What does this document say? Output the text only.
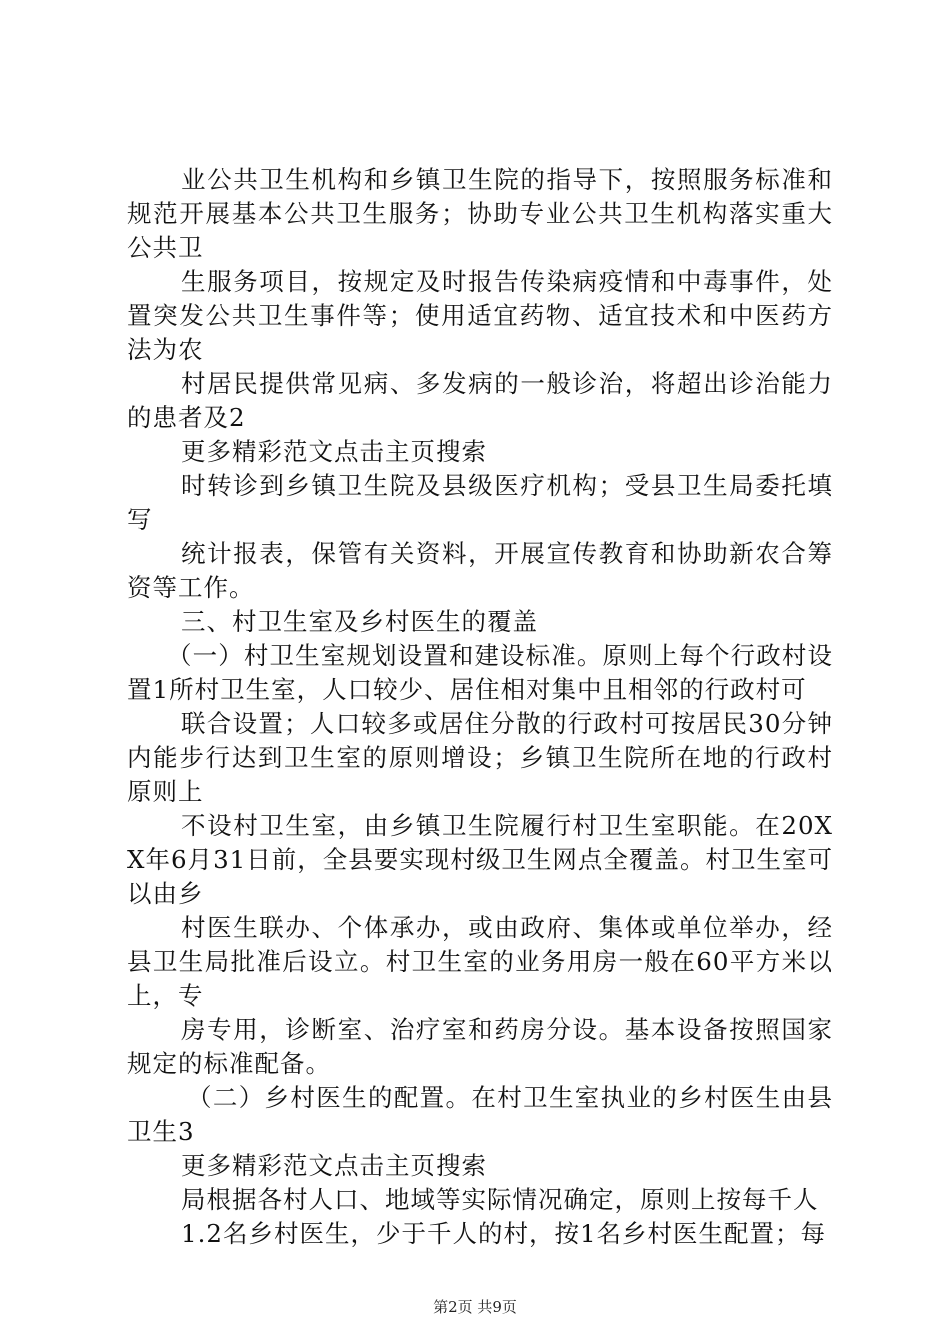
业公共卫生机构和乡镇卫生院的指导下，按照服务标准和规范开展基本公共卫生服务；协助专业公共卫生机构落实重大公共卫

生服务项目，按规定及时报告传染病疫情和中毒事件，处置突发公共卫生事件等；使用适宜药物、适宜技术和中医药方法为农

村居民提供常见病、多发病的一般诊治，将超出诊治能力的患者及2

更多精彩范文点击主页搜索

时转诊到乡镇卫生院及县级医疗机构；受县卫生局委托填写

统计报表，保管有关资料，开展宣传教育和协助新农合筹资等工作。

三、村卫生室及乡村医生的覆盖

（一）村卫生室规划设置和建设标准。原则上每个行政村设置1所村卫生室，人口较少、居住相对集中且相邻的行政村可

联合设置；人口较多或居住分散的行政村可按居民30分钟内能步行达到卫生室的原则增设；乡镇卫生院所在地的行政村原则上

不设村卫生室，由乡镇卫生院履行村卫生室职能。在20XX年6月31日前，全县要实现村级卫生网点全覆盖。村卫生室可以由乡

村医生联办、个体承办，或由政府、集体或单位举办，经县卫生局批准后设立。村卫生室的业务用房一般在60平方米以上，专

房专用，诊断室、治疗室和药房分设。基本设备按照国家规定的标准配备。

（二）乡村医生的配置。在村卫生室执业的乡村医生由县卫生3

更多精彩范文点击主页搜索

局根据各村人口、地域等实际情况确定，原则上按每千人

1.2名乡村医生，少于千人的村，按1名乡村医生配置；每

第2页 共9页
